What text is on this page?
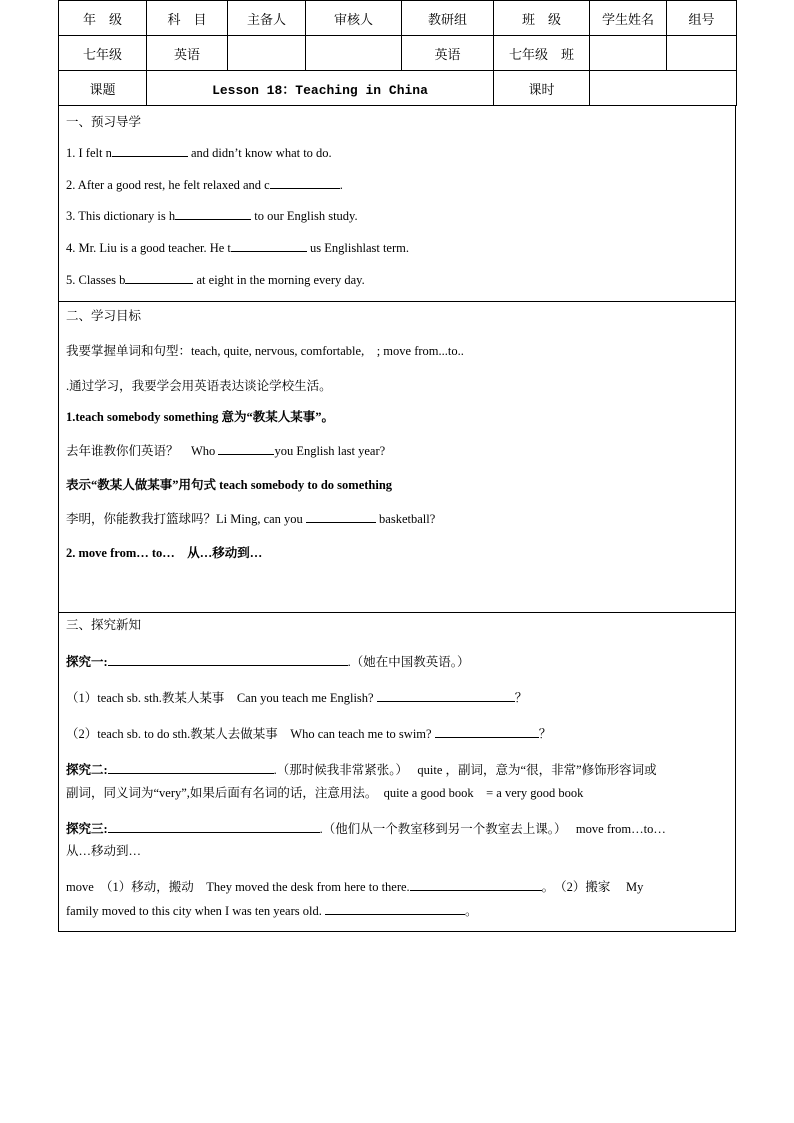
年　级	科　目	主备人	审核人	教研组	班　级	学生姓名	组号
七年级	英语			英语	七年级　班		
课题	Lesson 18：Teaching in China				课时		
一、预习导学
1. I felt n	and didn’t know what to do.
2. After a good rest, he felt relaxed and c	.
3. This dictionary is h	to our English study.
4. Mr. Liu is a good teacher. He t	us Englishlast term.
5. Classes b	at eight in the morning every day.
二、学习目标
我要掌握单词和句型：teach, quite, nervous, comfortable,    ; move from...to..
.通过学习，我要学会用英语表达谈论学校生活。
1.teach somebody something 意为“教某人某事”。
去年谁教你们英语？　Who	you English last year?
表示“教某人做某事”用句式 teach somebody to do something
李明，你能教我打篮球吗？Li Ming, can you	basketball?
2. move from… to…　从…移动到…
三、探究新知
探究一:	.（她在中国教英语。）
（1）teach sb. sth.教某人某事　Can you teach me English?	？
（2）teach sb. to do sth.教某人去做某事　Who can teach me to swim?	？
探究二:	.（那时候我非常紧张。）　 quite ，副词，意为“很，非常”修饰形容词或
副词，同义词为“very”,如果后面有名词的话，注意用法。　quite a good book　= a very good book
探究三:	.（他们从一个教室移到另一个教室去上课。）　 move from…to…
从…移动到…
move　（1）移动，搬动　They moved the desk from here to there.	。　（2）搬家　 My
family moved to this city when I was ten years old.	。
